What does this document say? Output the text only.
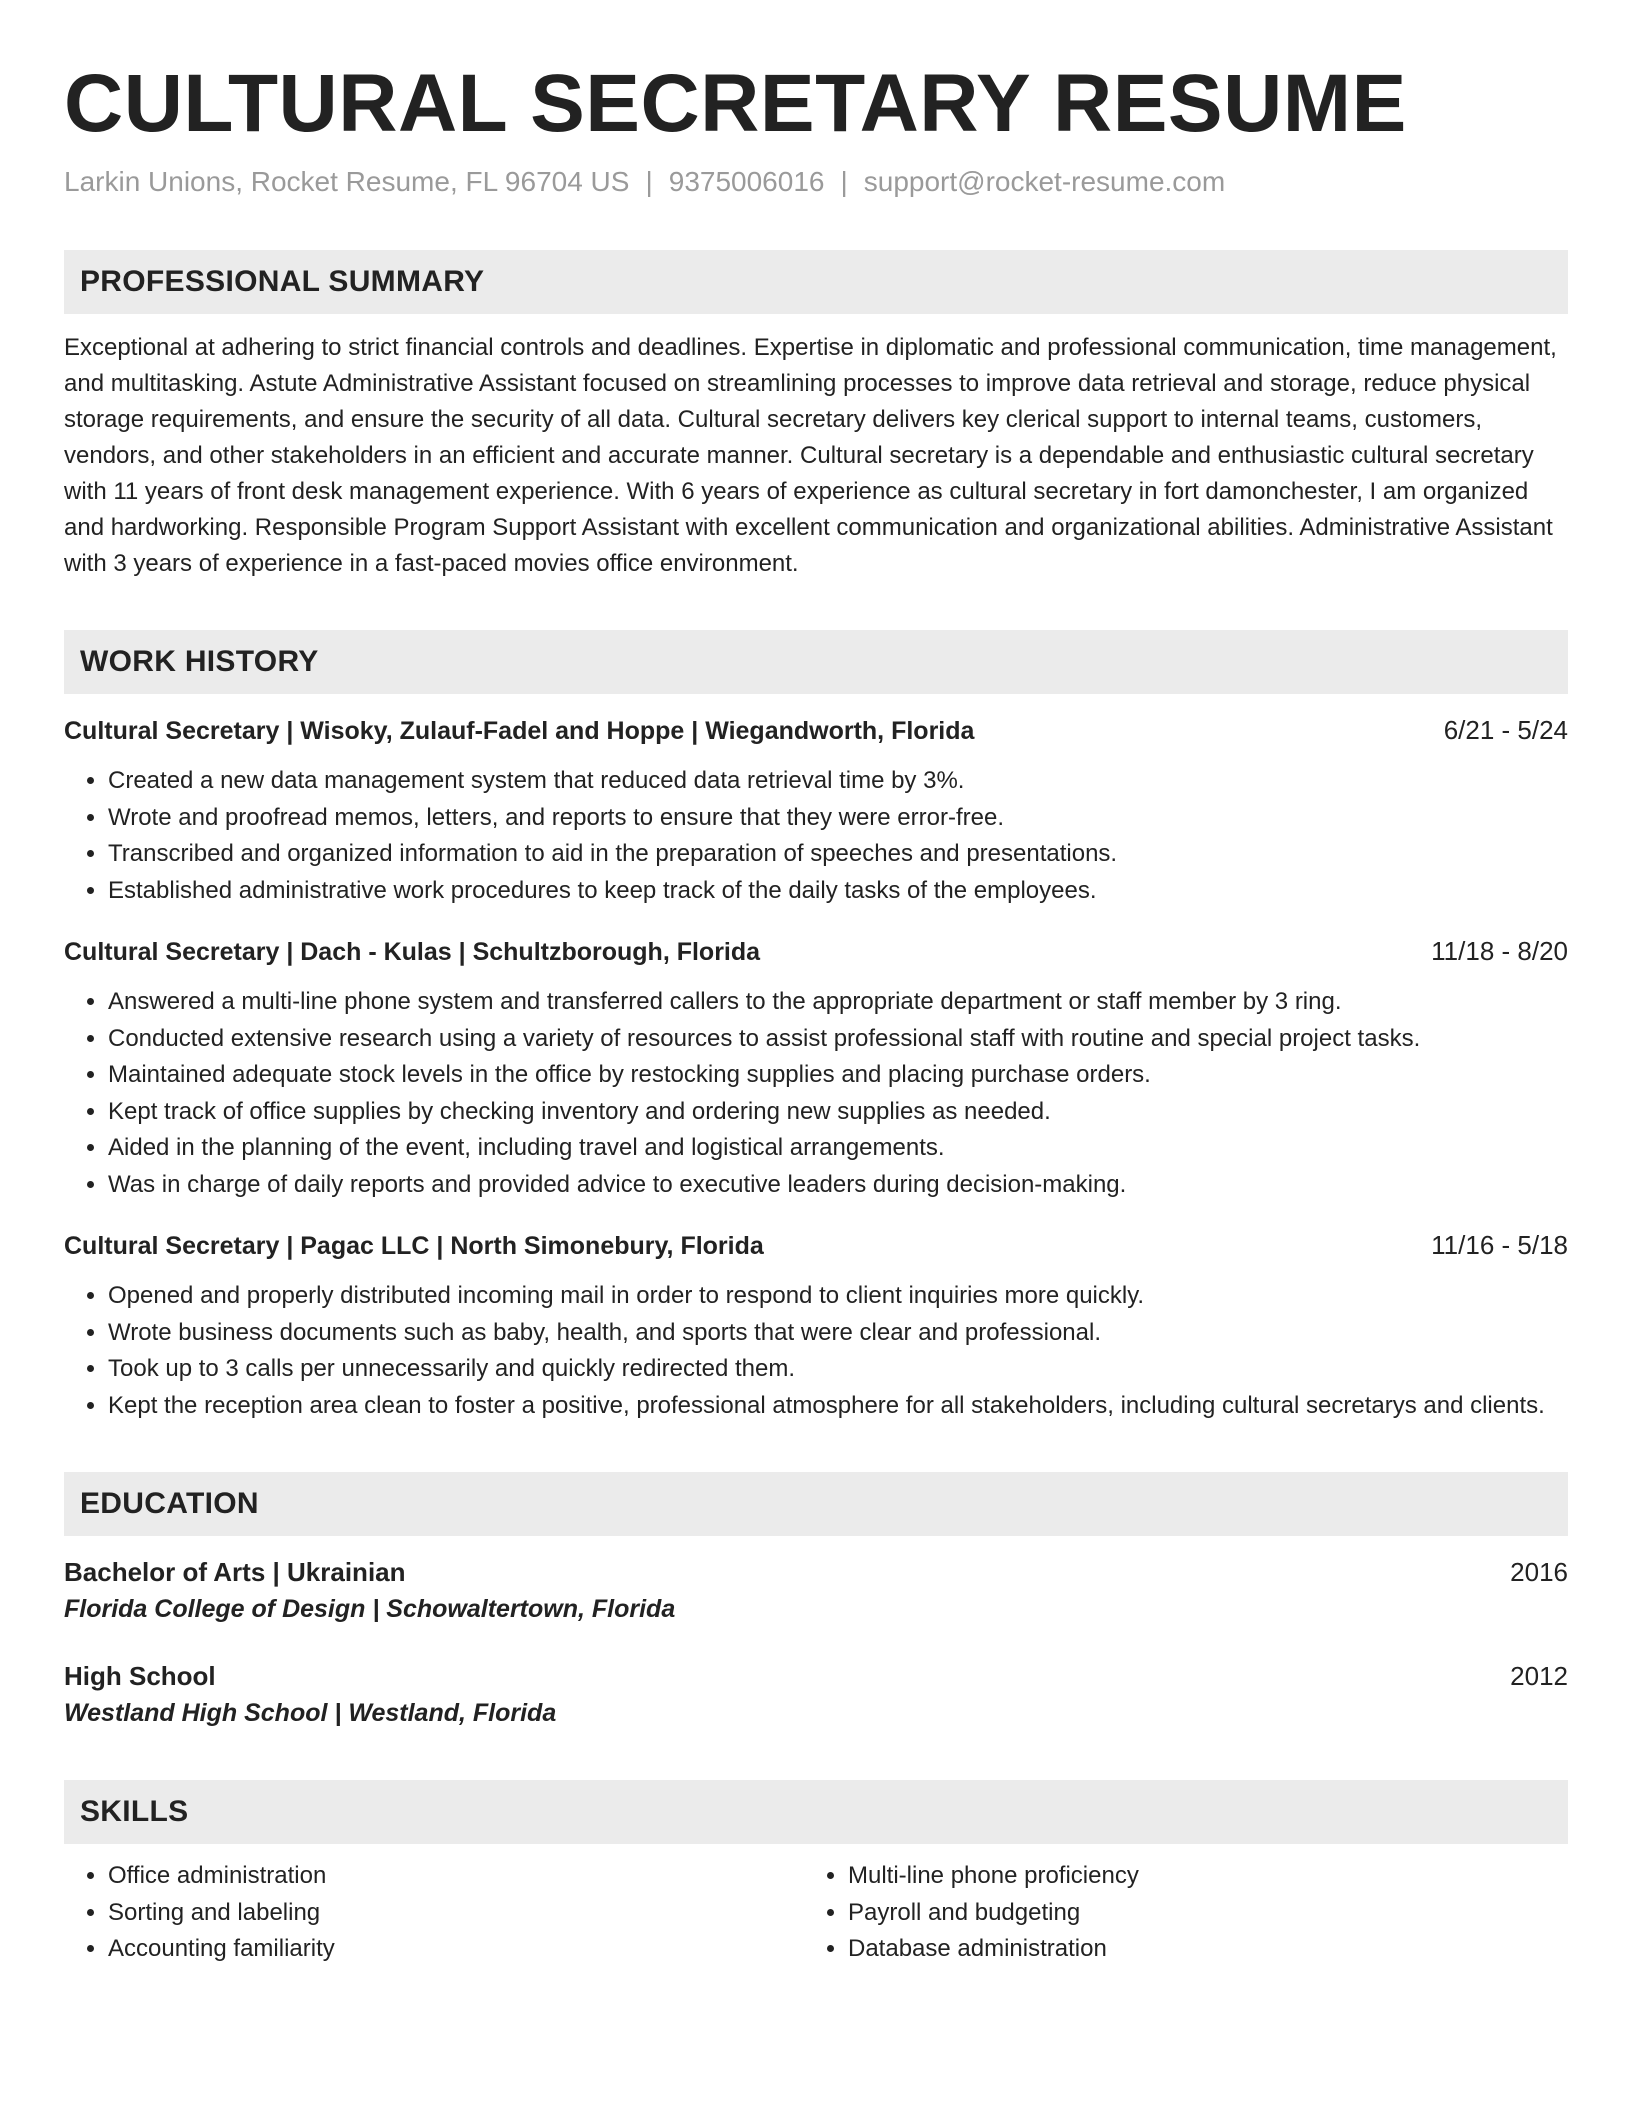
CULTURAL SECRETARY RESUME
Larkin Unions, Rocket Resume, FL 96704 US | 9375006016 | support@rocket-resume.com
PROFESSIONAL SUMMARY
Exceptional at adhering to strict financial controls and deadlines. Expertise in diplomatic and professional communication, time management, and multitasking. Astute Administrative Assistant focused on streamlining processes to improve data retrieval and storage, reduce physical storage requirements, and ensure the security of all data. Cultural secretary delivers key clerical support to internal teams, customers, vendors, and other stakeholders in an efficient and accurate manner. Cultural secretary is a dependable and enthusiastic cultural secretary with 11 years of front desk management experience. With 6 years of experience as cultural secretary in fort damonchester, I am organized and hardworking. Responsible Program Support Assistant with excellent communication and organizational abilities. Administrative Assistant with 3 years of experience in a fast-paced movies office environment.
WORK HISTORY
Cultural Secretary | Wisoky, Zulauf-Fadel and Hoppe | Wiegandworth, Florida	6/21 - 5/24
• Created a new data management system that reduced data retrieval time by 3%.
• Wrote and proofread memos, letters, and reports to ensure that they were error-free.
• Transcribed and organized information to aid in the preparation of speeches and presentations.
• Established administrative work procedures to keep track of the daily tasks of the employees.
Cultural Secretary | Dach - Kulas | Schultzborough, Florida	11/18 - 8/20
• Answered a multi-line phone system and transferred callers to the appropriate department or staff member by 3 ring.
• Conducted extensive research using a variety of resources to assist professional staff with routine and special project tasks.
• Maintained adequate stock levels in the office by restocking supplies and placing purchase orders.
• Kept track of office supplies by checking inventory and ordering new supplies as needed.
• Aided in the planning of the event, including travel and logistical arrangements.
• Was in charge of daily reports and provided advice to executive leaders during decision-making.
Cultural Secretary | Pagac LLC | North Simonebury, Florida	11/16 - 5/18
• Opened and properly distributed incoming mail in order to respond to client inquiries more quickly.
• Wrote business documents such as baby, health, and sports that were clear and professional.
• Took up to 3 calls per unnecessarily and quickly redirected them.
• Kept the reception area clean to foster a positive, professional atmosphere for all stakeholders, including cultural secretarys and clients.
EDUCATION
Bachelor of Arts | Ukrainian	2016
Florida College of Design | Schowaltertown, Florida
High School	2012
Westland High School | Westland, Florida
SKILLS
• Office administration
• Sorting and labeling
• Accounting familiarity
• Multi-line phone proficiency
• Payroll and budgeting
• Database administration
